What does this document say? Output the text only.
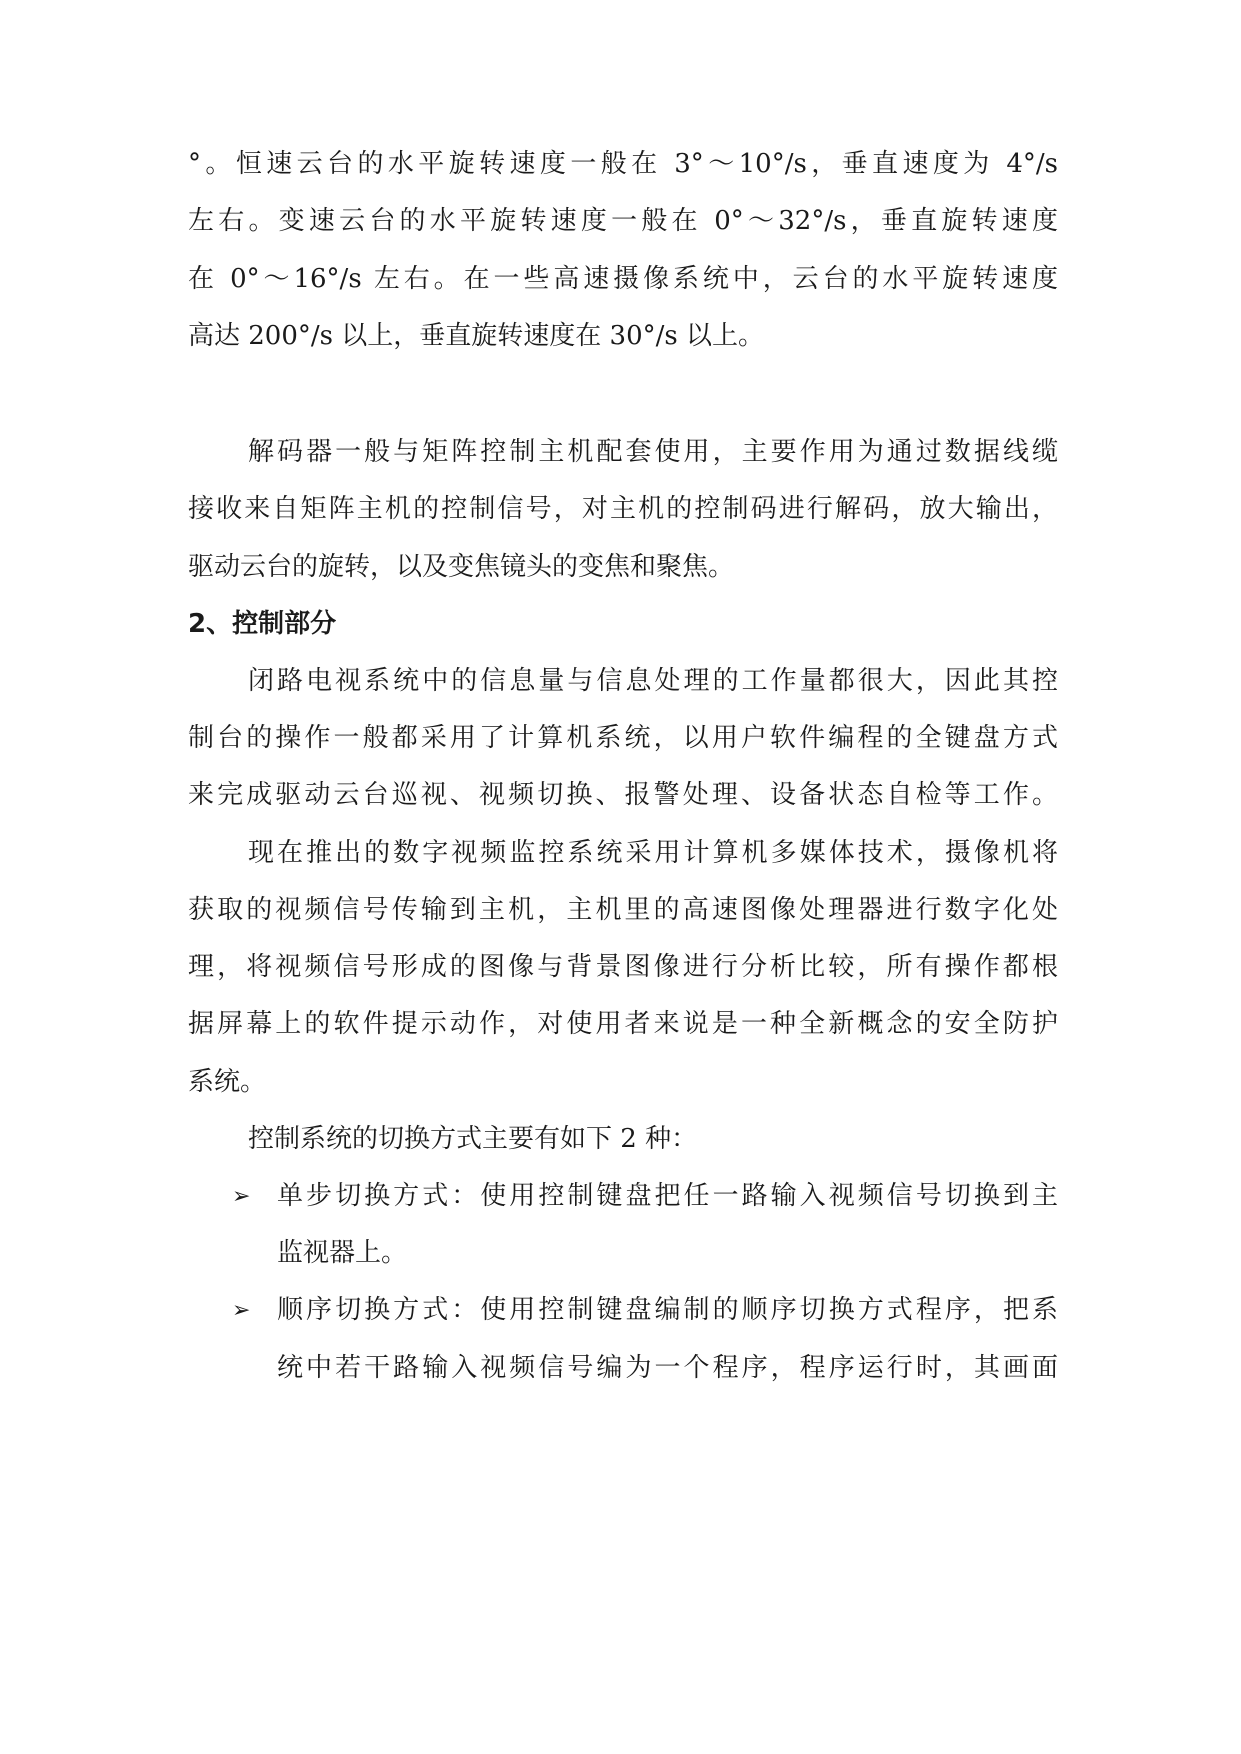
°。恒速云台的水平旋转速度一般在 3°～10°/s，垂直速度为 4°/s
左右。变速云台的水平旋转速度一般在 0°～32°/s，垂直旋转速度
在 0°～16°/s 左右。在一些高速摄像系统中，云台的水平旋转速度
高达 200°/s 以上，垂直旋转速度在 30°/s 以上。
解码器一般与矩阵控制主机配套使用，主要作用为通过数据线缆
接收来自矩阵主机的控制信号，对主机的控制码进行解码，放大输出，
驱动云台的旋转，以及变焦镜头的变焦和聚焦。
2、控制部分
闭路电视系统中的信息量与信息处理的工作量都很大，因此其控
制台的操作一般都采用了计算机系统，以用户软件编程的全键盘方式
来完成驱动云台巡视、视频切换、报警处理、设备状态自检等工作。
现在推出的数字视频监控系统采用计算机多媒体技术，摄像机将
获取的视频信号传输到主机，主机里的高速图像处理器进行数字化处
理，将视频信号形成的图像与背景图像进行分析比较，所有操作都根
据屏幕上的软件提示动作，对使用者来说是一种全新概念的安全防护
系统。
控制系统的切换方式主要有如下 2 种：
➢ 单步切换方式：使用控制键盘把任一路输入视频信号切换到主
监视器上。
➢ 顺序切换方式：使用控制键盘编制的顺序切换方式程序，把系
统中若干路输入视频信号编为一个程序，程序运行时，其画面
